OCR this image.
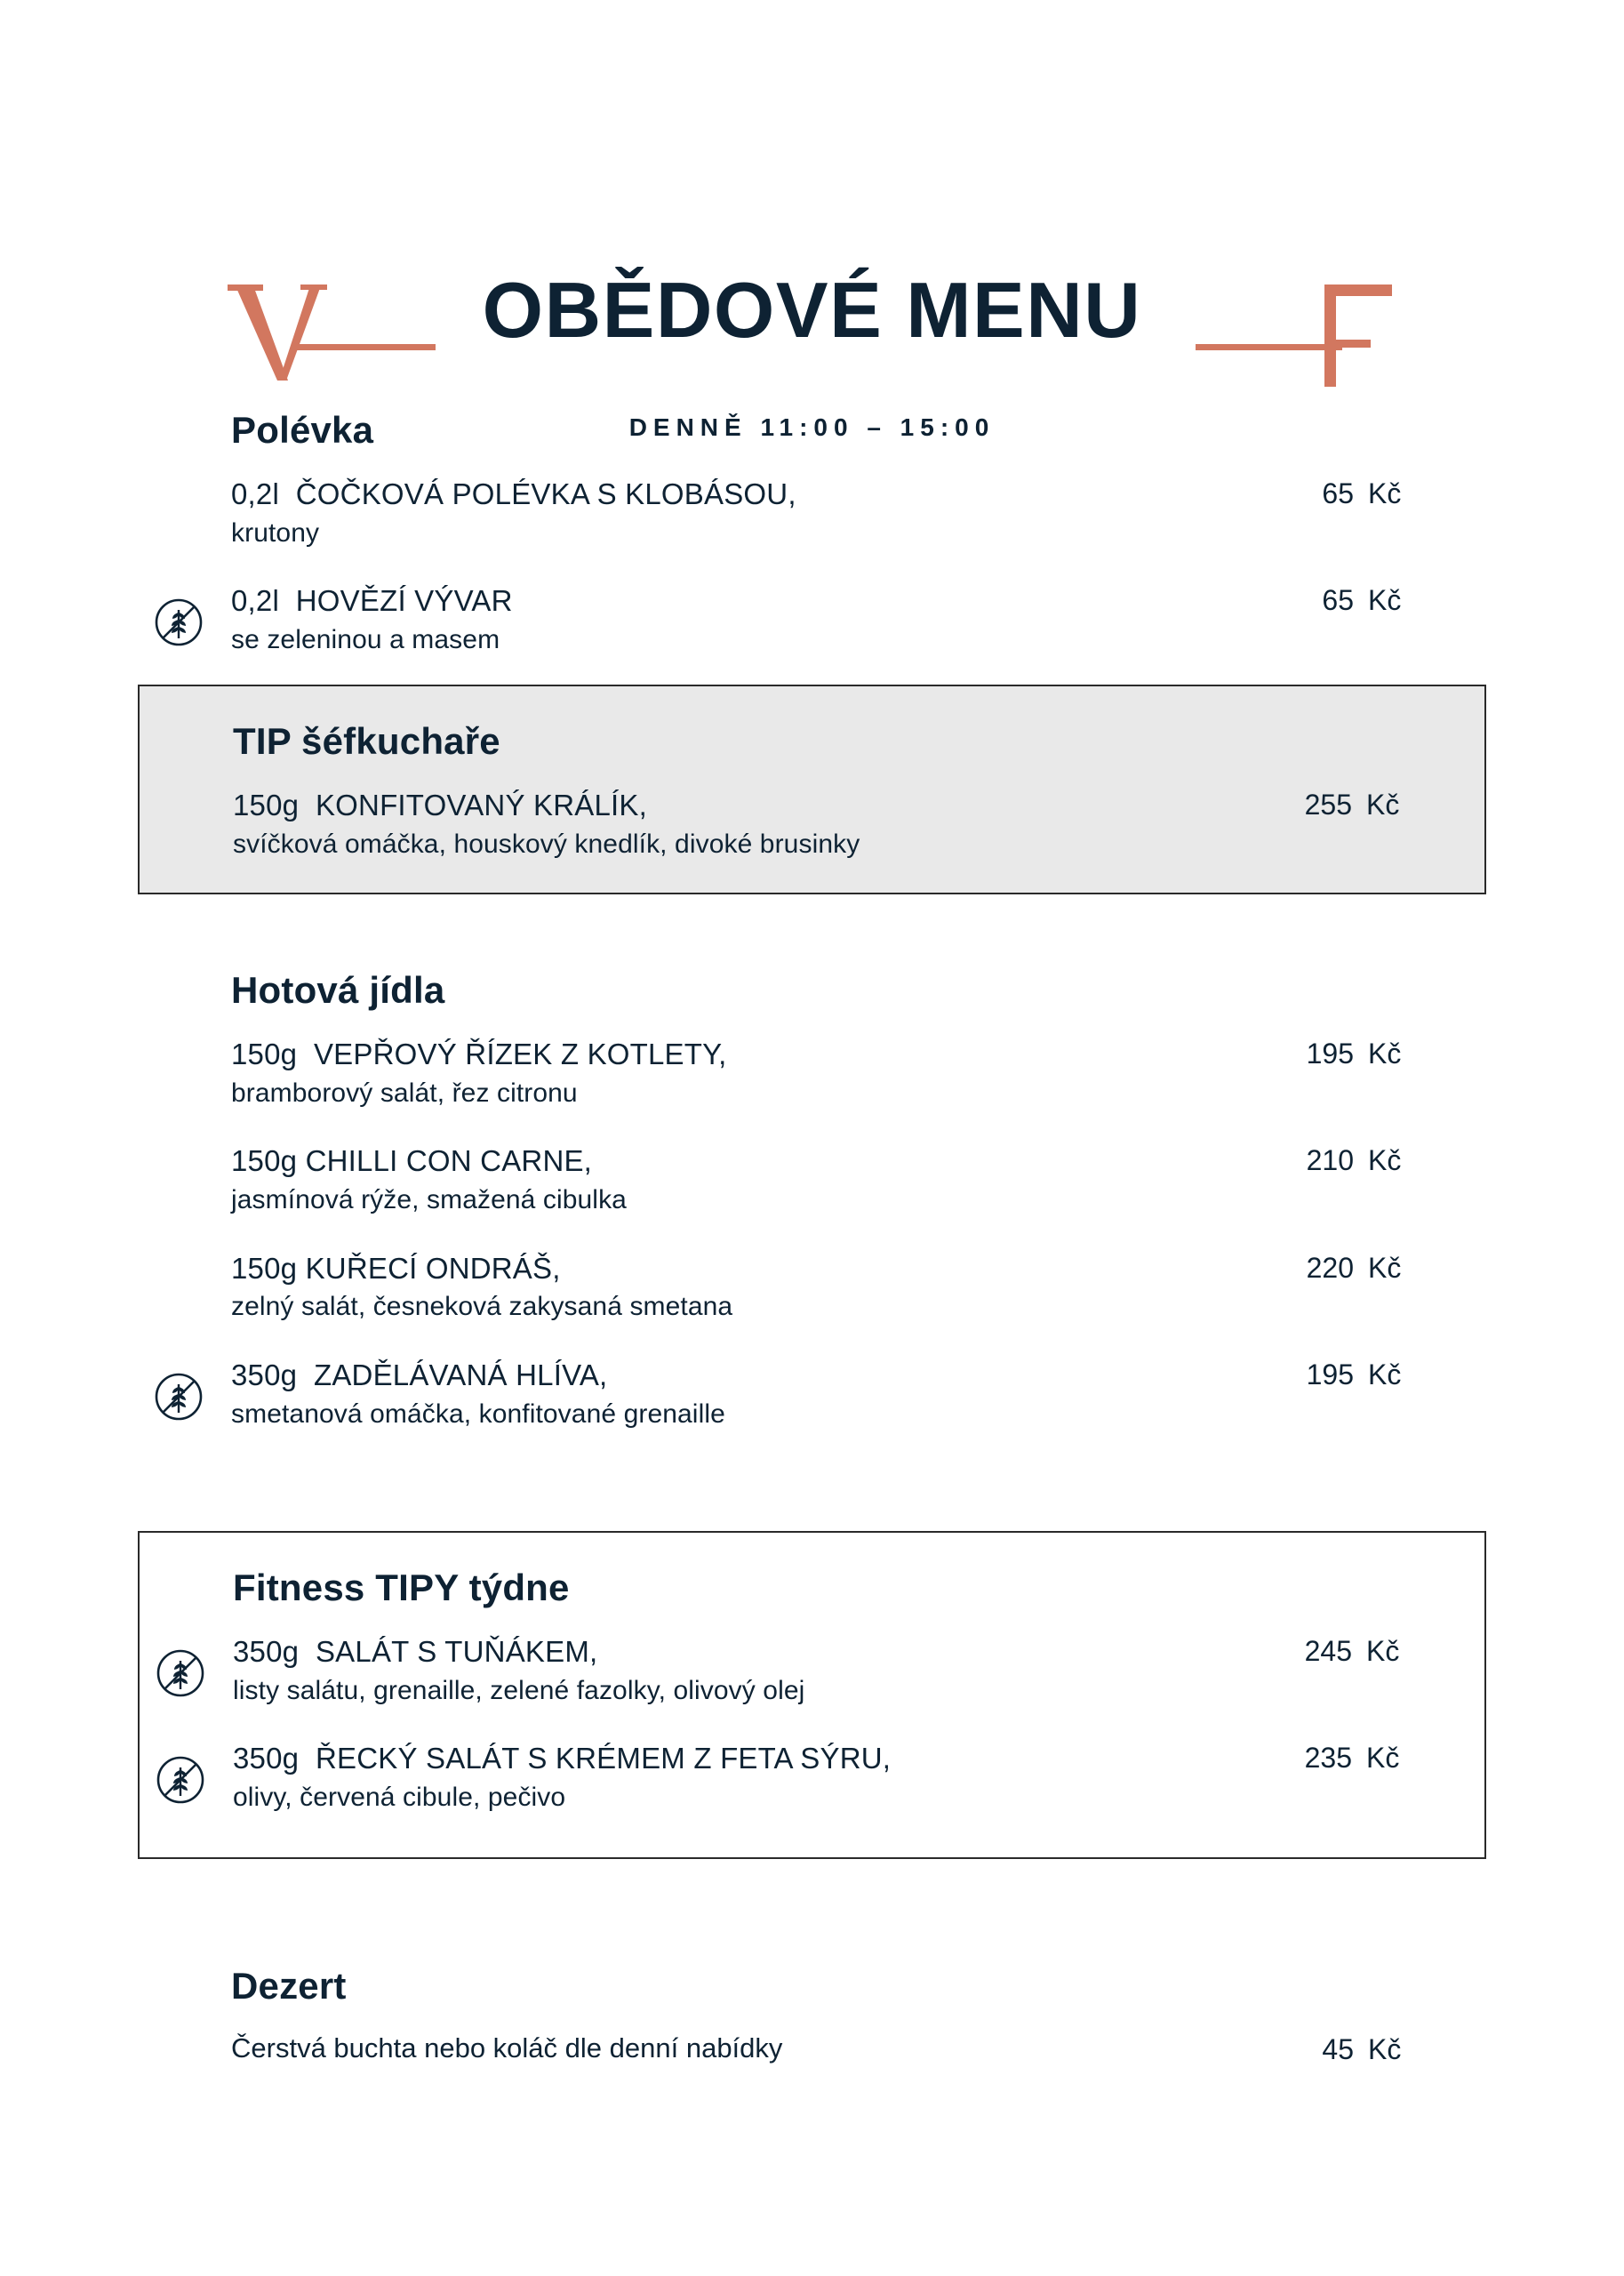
OBĚDOVÉ MENU
DENNĚ 11:00 – 15:00
Polévka
0,2l ČOČKOVÁ POLÉVKA S KLOBÁSOU,
krutony
65 Kč
0,2l HOVĚZÍ VÝVAR
se zeleninou a masem
65 Kč
TIP šéfkuchaře
150g KONFITOVANÝ KRÁLÍK,
svíčková omáčka, houskový knedlík, divoké brusinky
255 Kč
Hotová jídla
150g VEPŘOVÝ ŘÍZEK Z KOTLETY,
bramborový salát, řez citronu
195 Kč
150g CHILLI CON CARNE,
jasmínová rýže, smažená cibulka
210 Kč
150g KUŘECÍ ONDRÁŠ,
zelný salát, česneková zakysaná smetana
220 Kč
350g ZADĚLÁVANÁ HLÍVA,
smetanová omáčka, konfitované grenaille
195 Kč
Fitness TIPY týdne
350g SALÁT S TUŇÁKEM,
listy salátu, grenaille, zelené fazolky, olivový olej
245 Kč
350g ŘECKÝ SALÁT S KRÉMEM Z FETA SÝRU,
olivy, červená cibule, pečivo
235 Kč
Dezert
Čerstvá buchta nebo koláč dle denní nabídky	45 Kč
